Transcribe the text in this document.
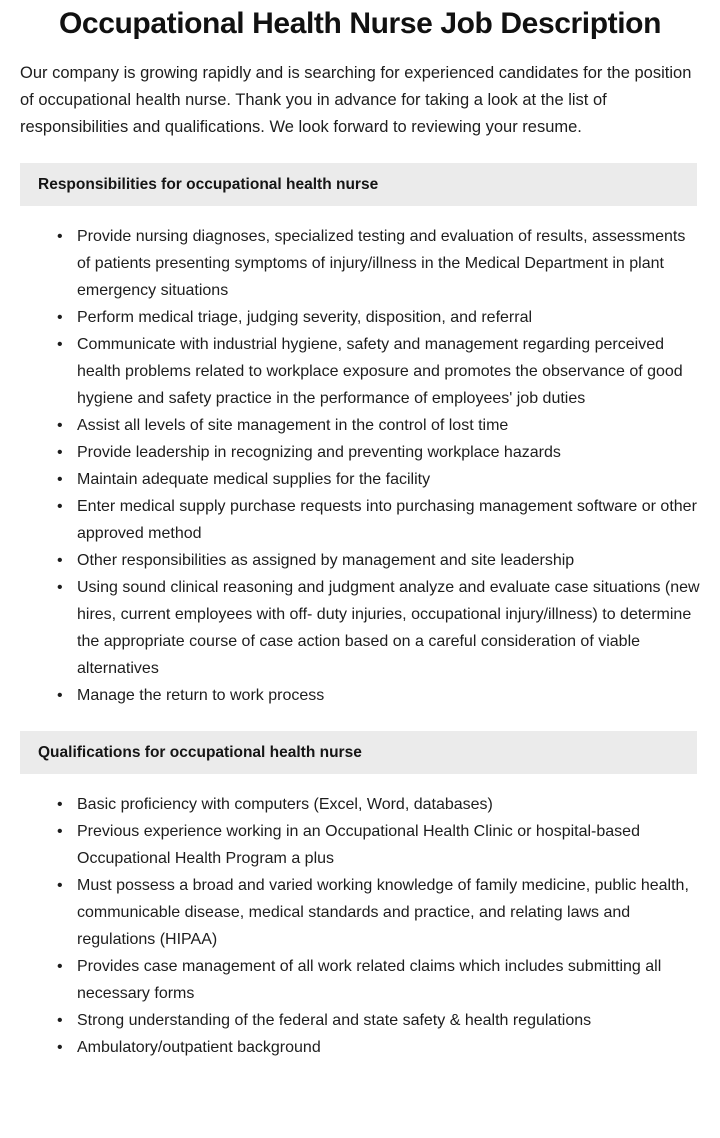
Occupational Health Nurse Job Description

Our company is growing rapidly and is searching for experienced candidates for the position of occupational health nurse. Thank you in advance for taking a look at the list of responsibilities and qualifications. We look forward to reviewing your resume.

Responsibilities for occupational health nurse
• Provide nursing diagnoses, specialized testing and evaluation of results, assessments of patients presenting symptoms of injury/illness in the Medical Department in plant emergency situations
• Perform medical triage, judging severity, disposition, and referral
• Communicate with industrial hygiene, safety and management regarding perceived health problems related to workplace exposure and promotes the observance of good hygiene and safety practice in the performance of employees' job duties
• Assist all levels of site management in the control of lost time
• Provide leadership in recognizing and preventing workplace hazards
• Maintain adequate medical supplies for the facility
• Enter medical supply purchase requests into purchasing management software or other approved method
• Other responsibilities as assigned by management and site leadership
• Using sound clinical reasoning and judgment analyze and evaluate case situations (new hires, current employees with off- duty injuries, occupational injury/illness) to determine the appropriate course of case action based on a careful consideration of viable alternatives
• Manage the return to work process
Qualifications for occupational health nurse
• Basic proficiency with computers (Excel, Word, databases)
• Previous experience working in an Occupational Health Clinic or hospital-based Occupational Health Program a plus
• Must possess a broad and varied working knowledge of family medicine, public health, communicable disease, medical standards and practice, and relating laws and regulations (HIPAA)
• Provides case management of all work related claims which includes submitting all necessary forms
• Strong understanding of the federal and state safety & health regulations
• Ambulatory/outpatient background
